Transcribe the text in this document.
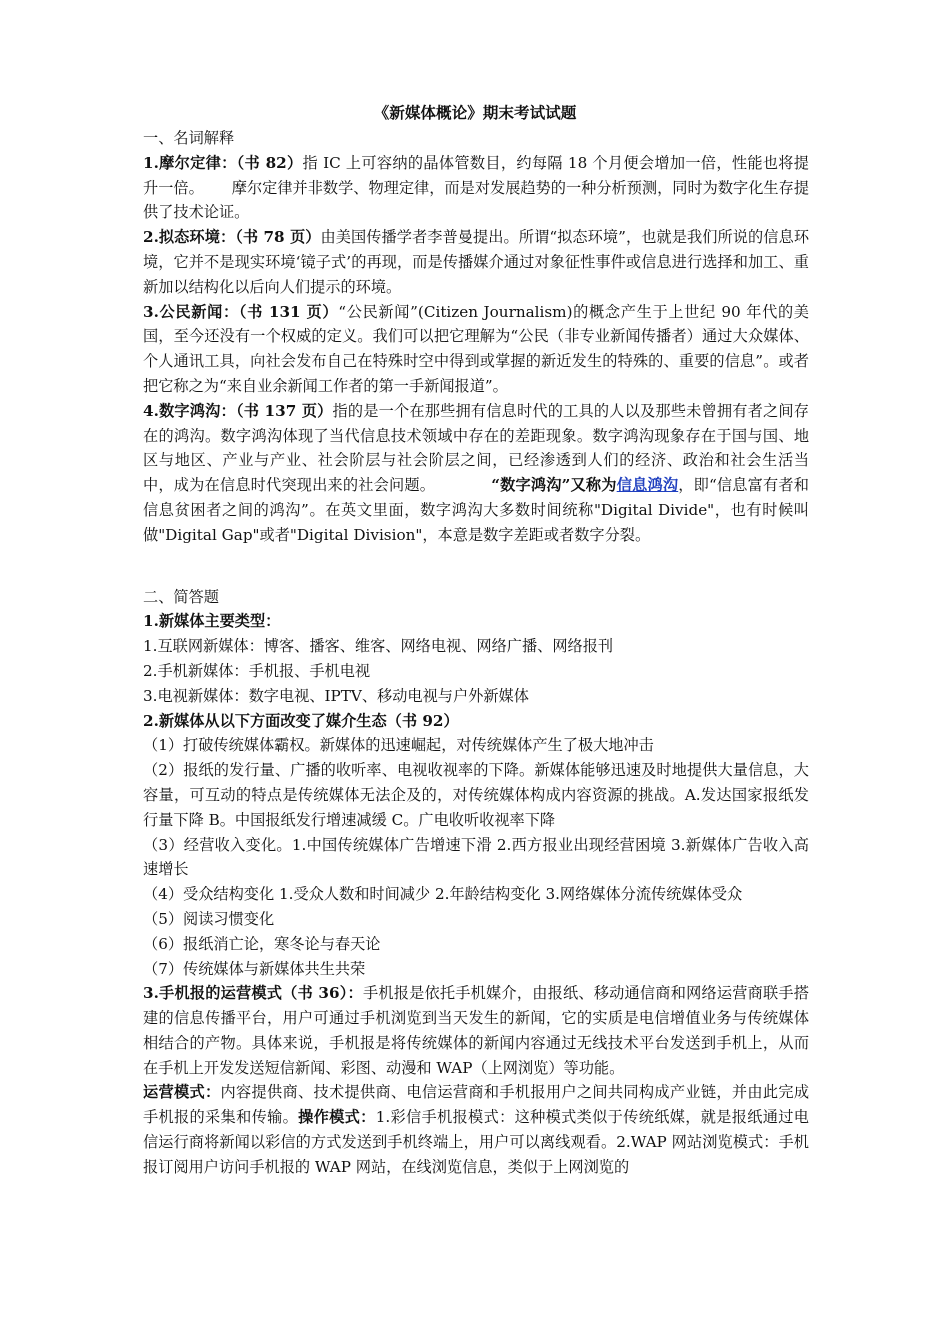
《新媒体概论》期末考试试题

一、名词解释

1.摩尔定律：（书 82）指 IC 上可容纳的晶体管数目，约每隔 18 个月便会增加一倍，性能也将提升一倍。 摩尔定律并非数学、物理定律，而是对发展趋势的一种分析预测，同时为数字化生存提供了技术论证。

2.拟态环境：（书 78 页）由美国传播学者李普曼提出。所谓“拟态环境”，也就是我们所说的信息环境，它并不是现实环境‘镜子式’的再现，而是传播媒介通过对象征性事件或信息进行选择和加工、重新加以结构化以后向人们提示的环境。

3.公民新闻：（书 131 页）“公民新闻”(Citizen Journalism)的概念产生于上世纪 90 年代的美国，至今还没有一个权威的定义。我们可以把它理解为“公民（非专业新闻传播者）通过大众媒体、个人通讯工具，向社会发布自己在特殊时空中得到或掌握的新近发生的特殊的、重要的信息”。或者把它称之为“来自业余新闻工作者的第一手新闻报道”。

4.数字鸿沟：（书 137 页）指的是一个在那些拥有信息时代的工具的人以及那些未曾拥有者之间存在的鸿沟。数字鸿沟体现了当代信息技术领域中存在的差距现象。数字鸿沟现象存在于国与国、地区与地区、产业与产业、社会阶层与社会阶层之间，已经渗透到人们的经济、政治和社会生活当中，成为在信息时代突现出来的社会问题。	“数字鸿沟”又称为信息鸿沟，即“信息富有者和信息贫困者之间的鸿沟”。在英文里面，数字鸿沟大多数时间统称"Digital Divide"，也有时候叫做"Digital Gap"或者"Digital Division"，本意是数字差距或者数字分裂。

二、简答题

1.新媒体主要类型：

1.互联网新媒体：博客、播客、维客、网络电视、网络广播、网络报刊

2.手机新媒体：手机报、手机电视

3.电视新媒体：数字电视、IPTV、移动电视与户外新媒体

2.新媒体从以下方面改变了媒介生态（书 92）

（1）打破传统媒体霸权。新媒体的迅速崛起，对传统媒体产生了极大地冲击

（2）报纸的发行量、广播的收听率、电视收视率的下降。新媒体能够迅速及时地提供大量信息，大容量，可互动的特点是传统媒体无法企及的，对传统媒体构成内容资源的挑战。A.发达国家报纸发行量下降 B。中国报纸发行增速减缓 C。广电收听收视率下降

（3）经营收入变化。1.中国传统媒体广告增速下滑 2.西方报业出现经营困境 3.新媒体广告收入高速增长

（4）受众结构变化 1.受众人数和时间减少 2.年龄结构变化 3.网络媒体分流传统媒体受众

（5）阅读习惯变化

（6）报纸消亡论，寒冬论与春天论

（7）传统媒体与新媒体共生共荣

3.手机报的运营模式（书 36）：手机报是依托手机媒介，由报纸、移动通信商和网络运营商联手搭建的信息传播平台，用户可通过手机浏览到当天发生的新闻，它的实质是电信增值业务与传统媒体相结合的产物。具体来说，手机报是将传统媒体的新闻内容通过无线技术平台发送到手机上，从而在手机上开发发送短信新闻、彩图、动漫和 WAP（上网浏览）等功能。

运营模式：内容提供商、技术提供商、电信运营商和手机报用户之间共同构成产业链，并由此完成手机报的采集和传输。操作模式：1.彩信手机报模式：这种模式类似于传统纸媒，就是报纸通过电信运行商将新闻以彩信的方式发送到手机终端上，用户可以离线观看。2.WAP 网站浏览模式：手机报订阅用户访问手机报的 WAP 网站，在线浏览信息，类似于上网浏览的
